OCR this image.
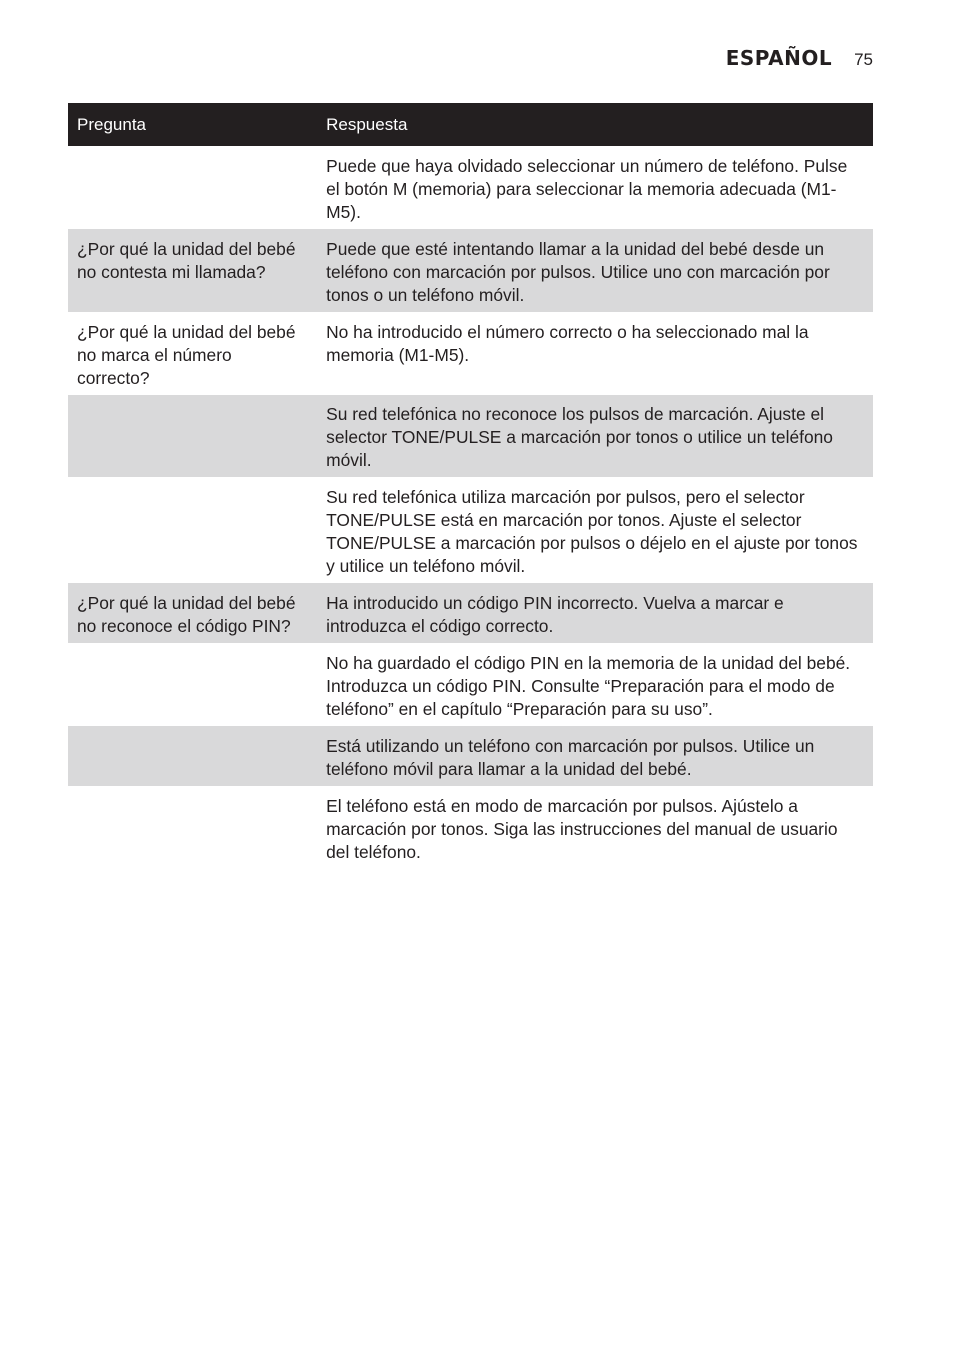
ESPAÑOL 75
Pregunta	Respuesta
	Puede que haya olvidado seleccionar un número de teléfono. Pulse el botón M (memoria) para seleccionar la memoria adecuada (M1-M5).
¿Por qué la unidad del bebé no contesta mi llamada?	Puede que esté intentando llamar a la unidad del bebé desde un teléfono con marcación por pulsos. Utilice uno con marcación por tonos o un teléfono móvil.
¿Por qué la unidad del bebé no marca el número correcto?	No ha introducido el número correcto o ha seleccionado mal la memoria (M1-M5).
	Su red telefónica no reconoce los pulsos de marcación. Ajuste el selector TONE/PULSE a marcación por tonos o utilice un teléfono móvil.
	Su red telefónica utiliza marcación por pulsos, pero el selector TONE/PULSE está en marcación por tonos. Ajuste el selector TONE/PULSE a marcación por pulsos o déjelo en el ajuste por tonos y utilice un teléfono móvil.
¿Por qué la unidad del bebé no reconoce el código PIN?	Ha introducido un código PIN incorrecto. Vuelva a marcar e introduzca el código correcto.
	No ha guardado el código PIN en la memoria de la unidad del bebé. Introduzca un código PIN. Consulte “Preparación para el modo de teléfono” en el capítulo “Preparación para su uso”.
	Está utilizando un teléfono con marcación por pulsos. Utilice un teléfono móvil para llamar a la unidad del bebé.
	El teléfono está en modo de marcación por pulsos. Ajústelo a marcación por tonos. Siga las instrucciones del manual de usuario del teléfono.
